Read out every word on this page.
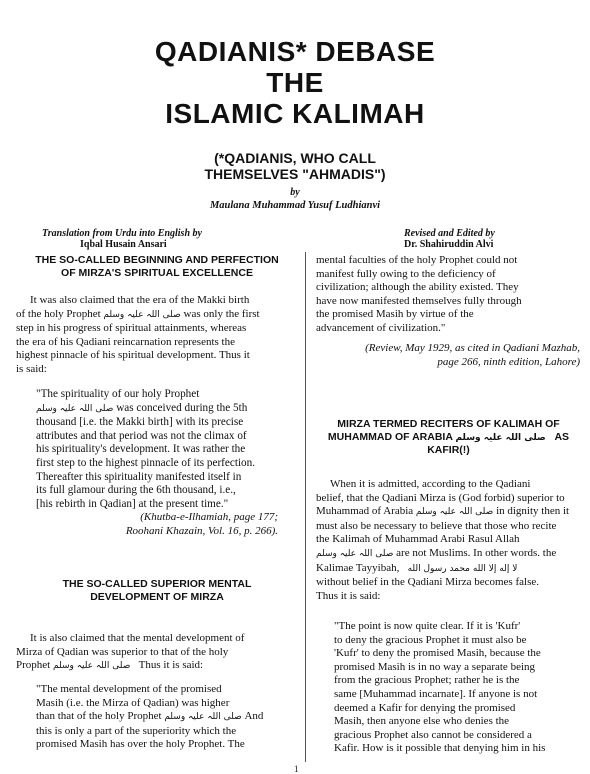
QADIANIS* DEBASE
THE
ISLAMIC KALIMAH
(*QADIANIS, WHO CALL
THEMSELVES "AHMADIS")
by
Maulana Muhammad Yusuf Ludhianvi
Translation from Urdu into English by
Iqbal Husain Ansari
Revised and Edited by
Dr. Shahiruddin Alvi
THE SO-CALLED BEGINNING AND PERFECTION
OF MIRZA'S SPIRITUAL EXCELLENCE

It was also claimed that the era of the Makki birth

of the holy Prophet صلی اللہ علیہ وسلم was only the first

step in his progress of spiritual attainments, whereas

the era of his Qadiani reincarnation represents the

highest pinnacle of his spiritual development. Thus it

is said:

"The spirituality of our holy Prophet

صلی اللہ علیہ وسلم was conceived during the 5th

thousand [i.e. the Makki birth] with its precise

attributes and that period was not the climax of

his spirituality's development. It was rather the

first step to the highest pinnacle of its perfection.

Thereafter this spirituality manifested itself in

its full glamour during the 6th thousand, i.e.,

[his rebirth in Qadian] at the present time."

(Khutba-e-Ilhamiah, page 177;

Roohani Khazain, Vol. 16, p. 266).

THE SO-CALLED SUPERIOR MENTAL
DEVELOPMENT OF MIRZA

It is also claimed that the mental development of

Mirza of Qadian was superior to that of the holy

Prophet صلی اللہ علیہ وسلم Thus it is said:

"The mental development of the promised

Masih (i.e. the Mirza of Qadian) was higher

than that of the holy Prophet صلی اللہ علیہ وسلم And

this is only a part of the superiority which the

promised Masih has over the holy Prophet. The

mental faculties of the holy Prophet could not

manifest fully owing to the deficiency of

civilization; although the ability existed. They

have now manifested themselves fully through

the promised Masih by virtue of the

advancement of civilization."

(Review, May 1929, as cited in Qadiani Mazhab,

page 266, ninth edition, Lahore)

MIRZA TERMED RECITERS OF KALIMAH OF
MUHAMMAD OF ARABIA صلی اللہ علیہ وسلم AS
KAFIR(!)

When it is admitted, according to the Qadiani

belief, that the Qadiani Mirza is (God forbid) superior to

Muhammad of Arabia صلی اللہ علیہ وسلم in dignity then it

must also be necessary to believe that those who recite

the Kalimah of Muhammad Arabi Rasul Allah

صلی اللہ علیہ وسلم are not Muslims. In other words. the

Kalimae Tayyibah, لا إله إلا الله محمد رسول الله

without belief in the Qadiani Mirza becomes false.

Thus it is said:

"The point is now quite clear. If it is 'Kufr'

to deny the gracious Prophet it must also be

'Kufr' to deny the promised Masih, because the

promised Masih is in no way a separate being

from the gracious Prophet; rather he is the

same [Muhammad incarnate]. If anyone is not

deemed a Kafir for denying the promised

Masih, then anyone else who denies the

gracious Prophet also cannot be considered a

Kafir. How is it possible that denying him in his

1
